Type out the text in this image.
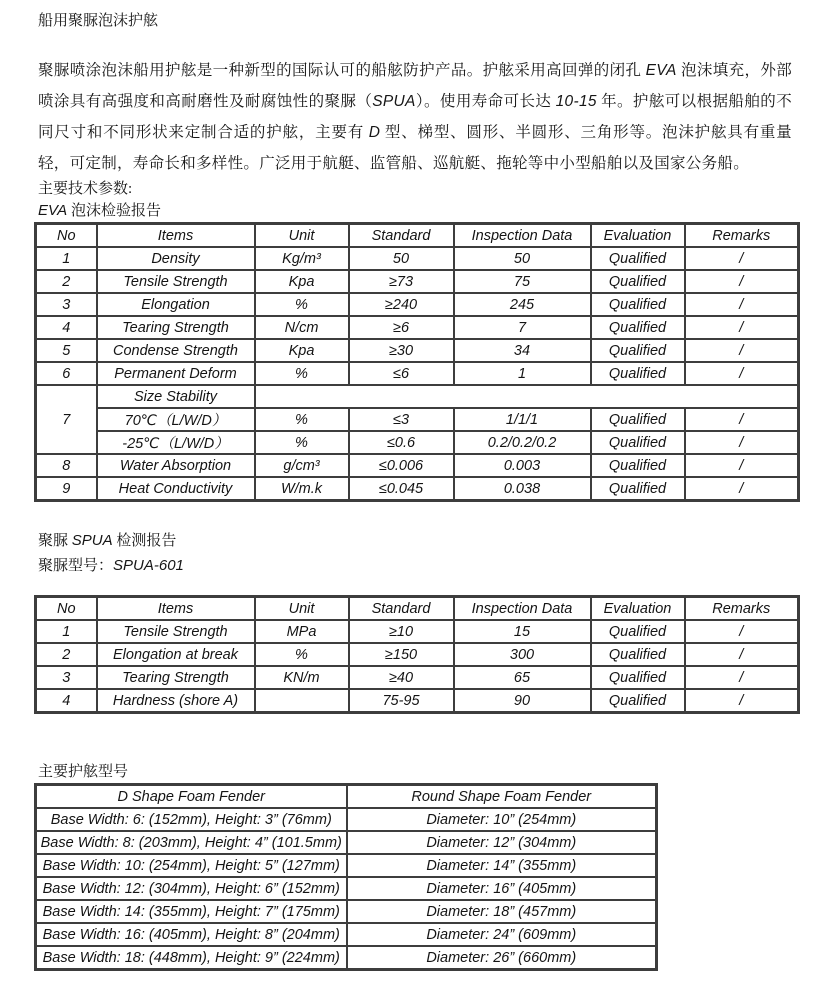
船用聚脲泡沫护舷

聚脲喷涂泡沫船用护舷是一种新型的国际认可的船舷防护产品。护舷采用高回弹的闭孔 EVA 泡沫填充，外部喷涂具有高强度和高耐磨性及耐腐蚀性的聚脲（SPUA）。使用寿命可长达 10-15 年。护舷可以根据船舶的不同尺寸和不同形状来定制合适的护舷，主要有 D 型、梯型、圆形、半圆形、三角形等。泡沫护舷具有重量轻，可定制，寿命长和多样性。广泛用于航艇、监管船、巡航艇、拖轮等中小型船舶以及国家公务船。

主要技术参数:
EVA 泡沫检验报告
No	Items	Unit	Standard	Inspection Data	Evaluation	Remarks
1	Density	Kg/m³	50	50	Qualified	/
2	Tensile Strength	Kpa	≥73	75	Qualified	/
3	Elongation	%	≥240	245	Qualified	/
4	Tearing Strength	N/cm	≥6	7	Qualified	/
5	Condense Strength	Kpa	≥30	34	Qualified	/
6	Permanent Deform	%	≤6	1	Qualified	/
7	Size Stability					
	70℃（L/W/D）	%	≤3	1/1/1	Qualified	/
	-25℃（L/W/D）	%	≤0.6	0.2/0.2/0.2	Qualified	/
8	Water Absorption	g/cm³	≤0.006	0.003	Qualified	/
9	Heat Conductivity	W/m.k	≤0.045	0.038	Qualified	/
聚脲 SPUA 检测报告
聚脲型号：SPUA-601
No	Items	Unit	Standard	Inspection Data	Evaluation	Remarks
1	Tensile Strength	MPa	≥10	15	Qualified	/
2	Elongation at break	%	≥150	300	Qualified	/
3	Tearing Strength	KN/m	≥40	65	Qualified	/
4	Hardness (shore A)		75-95	90	Qualified	/
主要护舷型号
D Shape Foam Fender	Round Shape Foam Fender
Base Width: 6: (152mm), Height: 3” (76mm)	Diameter: 10” (254mm)
Base Width: 8: (203mm), Height: 4” (101.5mm)	Diameter: 12” (304mm)
Base Width: 10: (254mm), Height: 5” (127mm)	Diameter: 14” (355mm)
Base Width: 12: (304mm), Height: 6” (152mm)	Diameter: 16” (405mm)
Base Width: 14: (355mm), Height: 7” (175mm)	Diameter: 18” (457mm)
Base Width: 16: (405mm), Height: 8” (204mm)	Diameter: 24” (609mm)
Base Width: 18: (448mm), Height: 9” (224mm)	Diameter: 26” (660mm)
